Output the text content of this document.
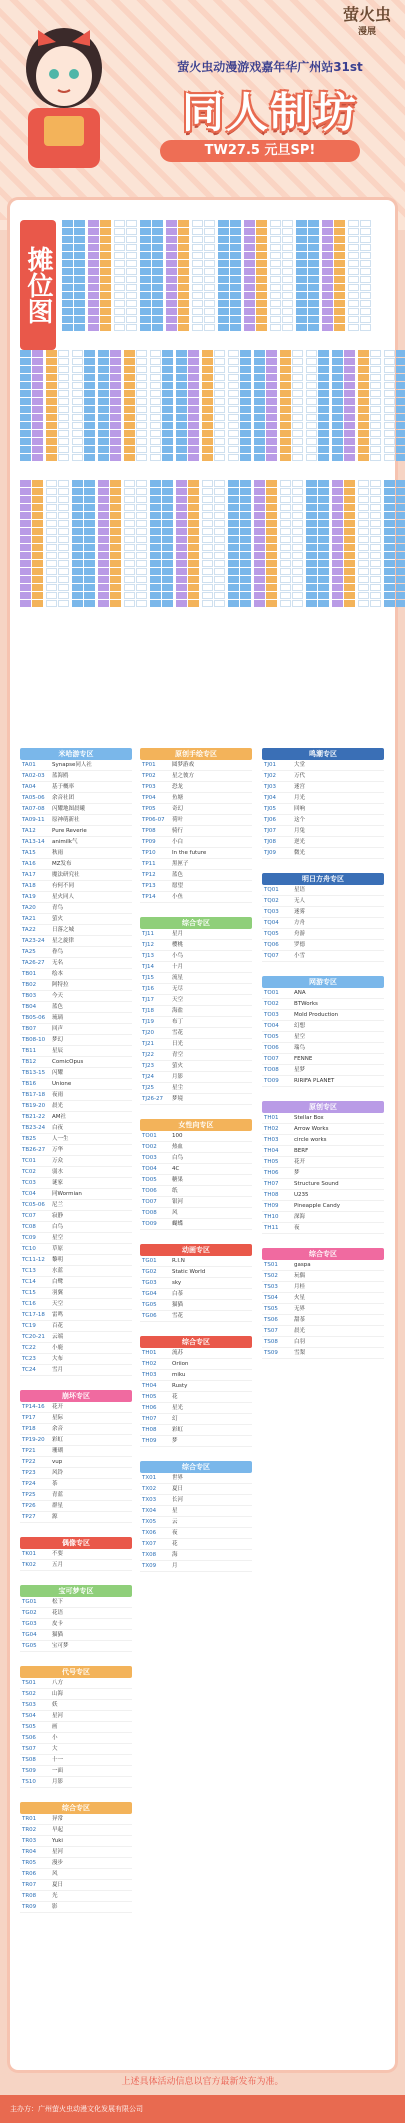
萤火虫
漫展
萤火虫动漫游戏嘉年华广州站31st
同人制坊
TW27.5 元旦SP!
摊位图
米哈游专区
TA01	Synapse同人社
TA02-03	蓝海鸥
TA04	基于概率
TA05-06	余音社团
TA07-08	闪耀地图晨曦
TA09-11	原神萌新社
TA12	Pure Reverie
TA13-14	animilk气
TA15	秋雨
TA16	MZ发布
TA17	魔法研究社
TA18	有何不同
TA19	星火同人
TA20	青鸟
TA21	萤火
TA22	日落之城
TA23-24	星之旋律
TA25	眷鸟
TA26-27	无名
TB01	绘本
TB02	阿特拉
TB03	今天
TB04	蓝色
TB05-06	琉璃
TB07	回声
TB08-10	梦幻
TB11	星辰
TB12	ComicOpus
TB13-15	闪耀
TB16	Unione
TB17-18	夜雨
TB19-20	晨光
TB21-22	AM社
TB23-24	白夜
TB25	人一生
TB26-27	万华
TC01	万众
TC02	弱水
TC03	谜家
TC04	同Wormian
TC05-06	尼兰
TC07	寂静
TC08	白鸟
TC09	星空
TC10	草原
TC11-12	黎明
TC13	水蓝
TC14	白鹭
TC15	羽翼
TC16	天空
TC17-18	雷鸣
TC19	百花
TC20-21	云端
TC22	小鹿
TC23	大布
TC24	雪月
原创手绘专区
TP01	圆梦游戏
TP02	星之彼方
TP03	恐龙
TP04	鱼塘
TP05	奇幻
TP06-07	荷叶
TP08	骑行
TP09	小白
TP10	In the future
TP11	黑匣子
TP12	蓝色
TP13	愿望
TP14	小鱼
鸣潮专区
TJ01	大堂
TJ02	万代
TJ03	迷宫
TJ04	月光
TJ05	回响
TJ06	这个
TJ07	月兔
TJ08	逆光
TJ09	微光
崩坏专区
TP14-16	花开
TP17	星际
TP18	余音
TP19-20	彩虹
TP21	珊瑚
TP22	vup
TP23	风铃
TP24	茶
TP25	青蓝
TP26	群星
TP27	源
综合专区
TJ11	星月
TJ12	樱桃
TJ13	小鸟
TJ14	十月
TJ15	流星
TJ16	无尽
TJ17	天空
TJ18	海盐
TJ19	布丁
TJ20	雪花
TJ21	日光
TJ22	青空
TJ23	萤火
TJ24	月影
TJ25	星尘
TJ26-27	梦境
明日方舟专区
TQ01	星语
TQ02	无人
TQ03	迷雾
TQ04	方舟
TQ05	舟游
TQ06	罗德
TQ07	小雪
偶像专区
TK01	不要
TK02	五月
女性向专区
TO01	100
TO02	热血
TO03	白鸟
TO04	4C
TO05	糖果
TO06	纸
TO07	银河
TO08	风
TO09	蝴蝶
网游专区
TO01	ANA
TO02	BTWorks
TO03	Mold Production
TO04	幻想
TO05	星空
TO06	瑞鸟
TO07	FENNE
TO08	星梦
TO09	RIRIFA PLANET
宝可梦专区
TG01	松下
TG02	花语
TG03	皮卡
TG04	猫猫
TG05	宝可梦
动画专区
TG01	R.I.N
TG02	Static World
TG03	sky
TG04	白茶
TG05	猫猫
TG06	雪花
原创专区
TH01	Stellar Box
TH02	Arrow Works
TH03	circle works
TH04	BERF
TH05	花开
TH06	梦
TH07	Structure Sound
TH08	U235
TH09	Pineapple Candy
TH10	深海
TH11	夜
代号专区
TS01	八方
TS02	山海
TS03	妖
TS04	星河
TS05	画
TS06	小
TS07	大
TS08	十一
TS09	一面
TS10	月影
综合专区
TH01	流苏
TH02	Oriion
TH03	miku
TH04	Rusty
TH05	花
TH06	星光
TH07	幻
TH08	彩虹
TH09	梦
综合专区
TS01	gaspa
TS02	玩偶
TS03	月桂
TS04	火星
TS05	无界
TS06	甜茶
TS07	晨光
TS08	白羽
TS09	雪梨
综合专区
TR01	异常
TR02	早起
TR03	Yuki
TR04	星河
TR05	漫步
TR06	风
TR07	夏日
TR08	光
TR09	影
综合专区
TX01	世界
TX02	夏日
TX03	长河
TX04	星
TX05	云
TX06	夜
TX07	花
TX08	海
TX09	月
上述具体活动信息以官方最新发布为准。
主办方：广州萤火虫动漫文化发展有限公司
